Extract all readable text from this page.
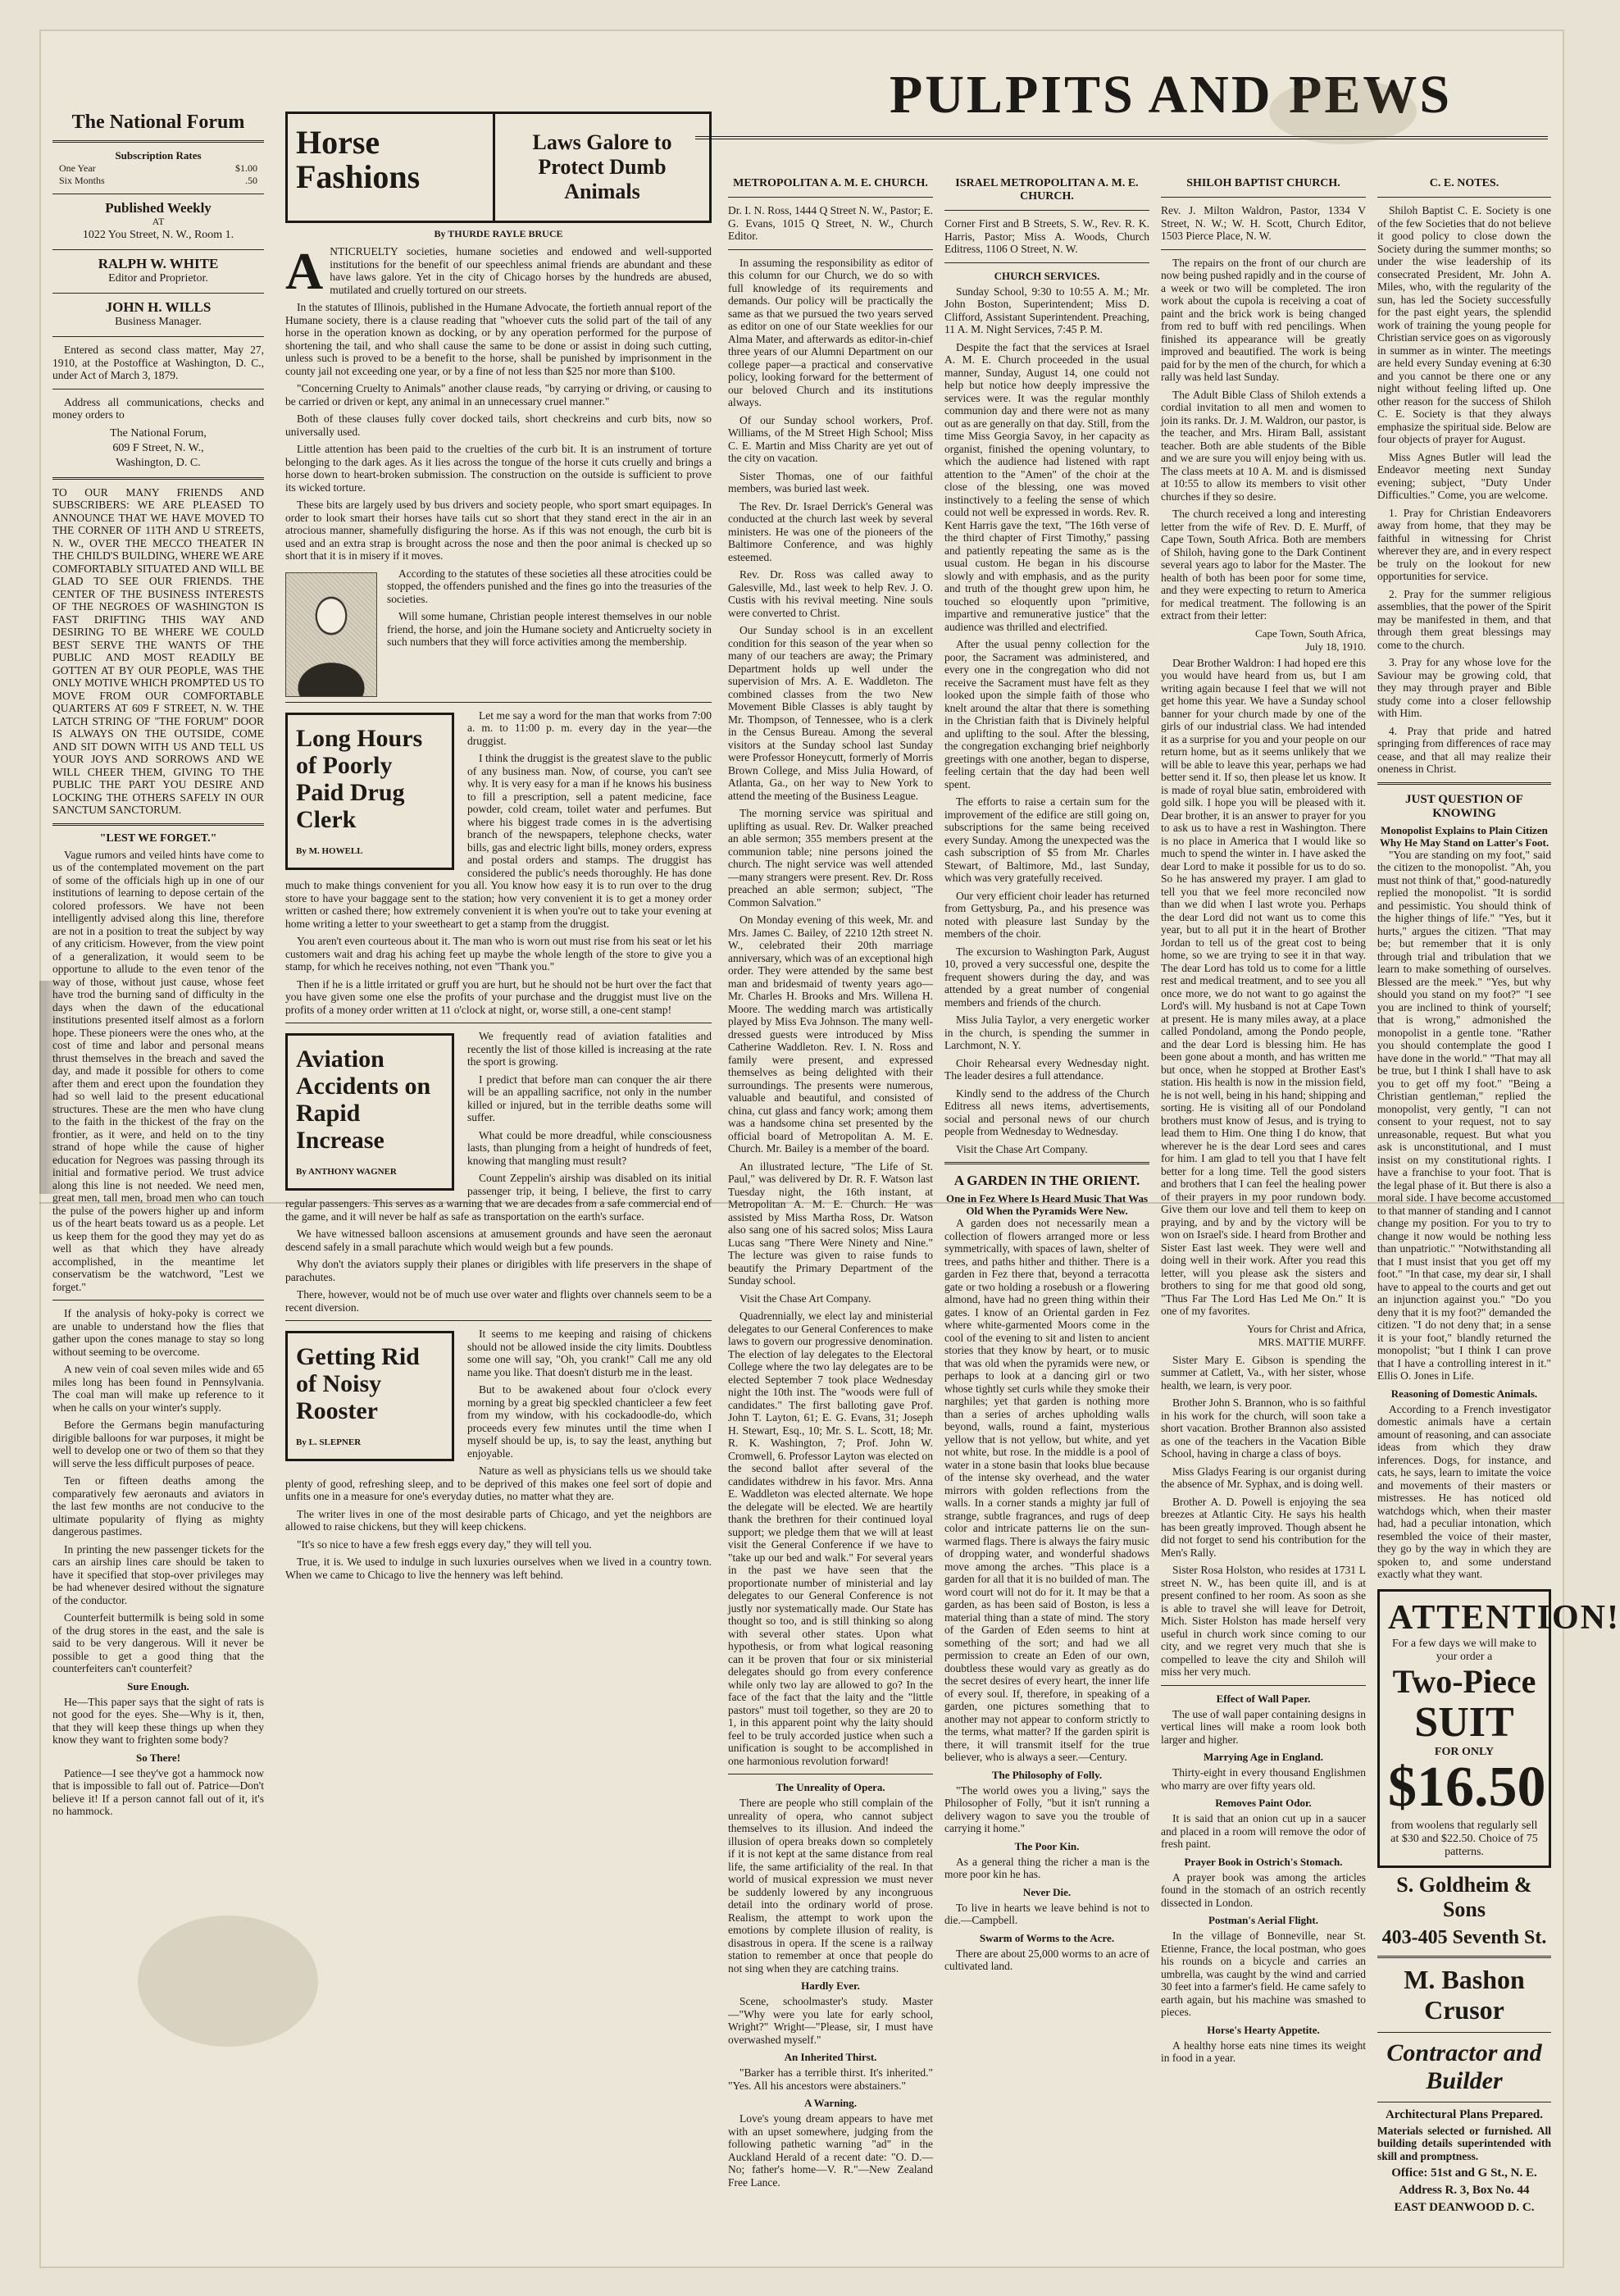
PULPITS AND PEWS
The National Forum
Subscription Rates
One Year	$1.00
Six Months	.50
Published Weekly
AT
1022 You Street, N. W., Room 1.
RALPH W. WHITE
Editor and Proprietor.
JOHN H. WILLS
Business Manager.

Entered as second class matter, May 27, 1910, at the Postoffice at Washington, D. C., under Act of March 3, 1879.

Address all communications, checks and money orders to

The National Forum,
609 F Street, N. W.,
Washington, D. C.
TO OUR MANY FRIENDS AND SUBSCRIBERS: WE ARE PLEASED TO ANNOUNCE THAT WE HAVE MOVED TO THE CORNER OF 11TH AND U STREETS, N. W., OVER THE MECCO THEATER IN THE CHILD'S BUILDING, WHERE WE ARE COMFORTABLY SITUATED AND WILL BE GLAD TO SEE OUR FRIENDS. THE CENTER OF THE BUSINESS INTERESTS OF THE NEGROES OF WASHINGTON IS FAST DRIFTING THIS WAY AND DESIRING TO BE WHERE WE COULD BEST SERVE THE WANTS OF THE PUBLIC AND MOST READILY BE GOTTEN AT BY OUR PEOPLE, WAS THE ONLY MOTIVE WHICH PROMPTED US TO MOVE FROM OUR COMFORTABLE QUARTERS AT 609 F STREET, N. W. THE LATCH STRING OF "THE FORUM" DOOR IS ALWAYS ON THE OUTSIDE, COME AND SIT DOWN WITH US AND TELL US YOUR JOYS AND SORROWS AND WE WILL CHEER THEM, GIVING TO THE PUBLIC THE PART YOU DESIRE AND LOCKING THE OTHERS SAFELY IN OUR SANCTUM SANCTORUM.
"LEST WE FORGET."

Vague rumors and veiled hints have come to us of the contemplated movement on the part of some of the officials high up in one of our institutions of learning to depose certain of the colored professors. We have not been intelligently advised along this line, therefore are not in a position to treat the subject by way of any criticism. However, from the view point of a generalization, it would seem to be opportune to allude to the even tenor of the way of those, without just cause, whose feet have trod the burning sand of difficulty in the days when the dawn of the educational institutions presented itself almost as a forlorn hope. These pioneers were the ones who, at the cost of time and labor and personal means thrust themselves in the breach and saved the day, and made it possible for others to come after them and erect upon the foundation they had so well laid to the present educational structures. These are the men who have clung to the faith in the thickest of the fray on the frontier, as it were, and held on to the tiny strand of hope while the cause of higher education for Negroes was passing through its initial and formative period. We trust advice along this line is not needed. We need men, great men, tall men, broad men who can touch the pulse of the powers higher up and inform us of the heart beats toward us as a people. Let us keep them for the good they may yet do as well as that which they have already accomplished, in the meantime let conservatism be the watchword, "Lest we forget."

If the analysis of hoky-poky is correct we are unable to understand how the flies that gather upon the cones manage to stay so long without seeming to be overcome.

A new vein of coal seven miles wide and 65 miles long has been found in Pennsylvania. The coal man will make up reference to it when he calls on your winter's supply.

Before the Germans begin manufacturing dirigible balloons for war purposes, it might be well to develop one or two of them so that they will serve the less difficult purposes of peace.

Ten or fifteen deaths among the comparatively few aeronauts and aviators in the last few months are not conducive to the ultimate popularity of flying as mighty dangerous pastimes.

In printing the new passenger tickets for the cars an airship lines care should be taken to have it specified that stop-over privileges may be had whenever desired without the signature of the conductor.

Counterfeit buttermilk is being sold in some of the drug stores in the east, and the sale is said to be very dangerous. Will it never be possible to get a good thing that the counterfeiters can't counterfeit?

Sure Enough.

He—This paper says that the sight of rats is not good for the eyes. She—Why is it, then, that they will keep these things up when they know they want to frighten some body?

So There!

Patience—I see they've got a hammock now that is impossible to fall out of. Patrice—Don't believe it! If a person cannot fall out of it, it's no hammock.

Horse Fashions
Laws Galore to Protect Dumb Animals
By THURDE RAYLE BRUCE

ANTICRUELTY societies, humane societies and endowed and well-supported institutions for the benefit of our speechless animal friends are abundant and these have laws galore. Yet in the city of Chicago horses by the hundreds are abused, mutilated and cruelly tortured on our streets.

In the statutes of Illinois, published in the Humane Advocate, the fortieth annual report of the Humane society, there is a clause reading that "whoever cuts the solid part of the tail of any horse in the operation known as docking, or by any operation performed for the purpose of shortening the tail, and who shall cause the same to be done or assist in doing such cutting, unless such is proved to be a benefit to the horse, shall be punished by imprisonment in the county jail not exceeding one year, or by a fine of not less than $25 nor more than $100.

"Concerning Cruelty to Animals" another clause reads, "by carrying or driving, or causing to be carried or driven or kept, any animal in an unnecessary cruel manner."

Both of these clauses fully cover docked tails, short checkreins and curb bits, now so universally used.

Little attention has been paid to the cruelties of the curb bit. It is an instrument of torture belonging to the dark ages. As it lies across the tongue of the horse it cuts cruelly and brings a horse down to heart-broken submission. The construction on the outside is sufficient to prove its wicked torture.

These bits are largely used by bus drivers and society people, who sport smart equipages. In order to look smart their horses have tails cut so short that they stand erect in the air in an atrocious manner, shamefully disfiguring the horse. As if this was not enough, the curb bit is used and an extra strap is brought across the nose and then the poor animal is checked up so short that it is in misery if it moves.

According to the statutes of these societies all these atrocities could be stopped, the offenders punished and the fines go into the treasuries of the societies.

Will some humane, Christian people interest themselves in our noble friend, the horse, and join the Humane society and Anticruelty society in such numbers that they will force activities among the membership.

Long Hours of Poorly Paid Drug Clerk
By M. HOWELL

Let me say a word for the man that works from 7:00 a. m. to 11:00 p. m. every day in the year—the druggist.

I think the druggist is the greatest slave to the public of any business man. Now, of course, you can't see why. It is very easy for a man if he knows his business to fill a prescription, sell a patent medicine, face powder, cold cream, toilet water and perfumes. But where his biggest trade comes in is the advertising branch of the newspapers, telephone checks, water bills, gas and electric light bills, money orders, express and postal orders and stamps. The druggist has considered the public's needs thoroughly. He has done much to make things convenient for you all. You know how easy it is to run over to the drug store to have your baggage sent to the station; how very convenient it is to get a money order written or cashed there; how extremely convenient it is when you're out to take your evening at home writing a letter to your sweetheart to get a stamp from the druggist.

You aren't even courteous about it. The man who is worn out must rise from his seat or let his customers wait and drag his aching feet up maybe the whole length of the store to give you a stamp, for which he receives nothing, not even "Thank you."

Then if he is a little irritated or gruff you are hurt, but he should not be hurt over the fact that you have given some one else the profits of your purchase and the druggist must live on the profits of a money order written at 11 o'clock at night, or, worse still, a one-cent stamp!

Aviation Accidents on Rapid Increase
By ANTHONY WAGNER

We frequently read of aviation fatalities and recently the list of those killed is increasing at the rate the sport is growing.

I predict that before man can conquer the air there will be an appalling sacrifice, not only in the number killed or injured, but in the terrible deaths some will suffer.

What could be more dreadful, while consciousness lasts, than plunging from a height of hundreds of feet, knowing that mangling must result?

Count Zeppelin's airship was disabled on its initial passenger trip, it being, I believe, the first to carry regular passengers. This serves as a warning that we are decades from a safe commercial end of the game, and it will never be half as safe as transportation on the earth's surface.

We have witnessed balloon ascensions at amusement grounds and have seen the aeronaut descend safely in a small parachute which would weigh but a few pounds.

Why don't the aviators supply their planes or dirigibles with life preservers in the shape of parachutes.

There, however, would not be of much use over water and flights over channels seem to be a recent diversion.

Getting Rid of Noisy Rooster
By L. SLEPNER

It seems to me keeping and raising of chickens should not be allowed inside the city limits. Doubtless some one will say, "Oh, you crank!" Call me any old name you like. That doesn't disturb me in the least.

But to be awakened about four o'clock every morning by a great big speckled chanticleer a few feet from my window, with his cockadoodle-do, which proceeds every few minutes until the time when I myself should be up, is, to say the least, anything but enjoyable.

Nature as well as physicians tells us we should take plenty of good, refreshing sleep, and to be deprived of this makes one feel sort of dopie and unfits one in a measure for one's everyday duties, no matter what they are.

The writer lives in one of the most desirable parts of Chicago, and yet the neighbors are allowed to raise chickens, but they will keep chickens.

"It's so nice to have a few fresh eggs every day," they will tell you.

True, it is. We used to indulge in such luxuries ourselves when we lived in a country town. When we came to Chicago to live the hennery was left behind.

METROPOLITAN A. M. E. CHURCH.

Dr. I. N. Ross, 1444 Q Street N. W., Pastor; E. G. Evans, 1015 Q Street, N. W., Church Editor.

In assuming the responsibility as editor of this column for our Church, we do so with full knowledge of its requirements and demands. Our policy will be practically the same as that we pursued the two years served as editor on one of our State weeklies for our Alma Mater, and afterwards as editor-in-chief three years of our Alumni Department on our college paper—a practical and conservative policy, looking forward for the betterment of our beloved Church and its institutions always.

Of our Sunday school workers, Prof. Williams, of the M Street High School; Miss C. E. Martin and Miss Charity are yet out of the city on vacation.

Sister Thomas, one of our faithful members, was buried last week.

The Rev. Dr. Israel Derrick's General was conducted at the church last week by several ministers. He was one of the pioneers of the Baltimore Conference, and was highly esteemed.

Rev. Dr. Ross was called away to Galesville, Md., last week to help Rev. J. O. Custis with his revival meeting. Nine souls were converted to Christ.

Our Sunday school is in an excellent condition for this season of the year when so many of our teachers are away; the Primary Department holds up well under the supervision of Mrs. A. E. Waddleton. The combined classes from the two New Movement Bible Classes is ably taught by Mr. Thompson, of Tennessee, who is a clerk in the Census Bureau. Among the several visitors at the Sunday school last Sunday were Professor Honeycutt, formerly of Morris Brown College, and Miss Julia Howard, of Atlanta, Ga., on her way to New York to attend the meeting of the Business League.

The morning service was spiritual and uplifting as usual. Rev. Dr. Walker preached an able sermon; 355 members present at the communion table; nine persons joined the church. The night service was well attended—many strangers were present. Rev. Dr. Ross preached an able sermon; subject, "The Common Salvation."

On Monday evening of this week, Mr. and Mrs. James C. Bailey, of 2210 12th street N. W., celebrated their 20th marriage anniversary, which was of an exceptional high order. They were attended by the same best man and bridesmaid of twenty years ago—Mr. Charles H. Brooks and Mrs. Willena H. Moore. The wedding march was artistically played by Miss Eva Johnson. The many well-dressed guests were introduced by Miss Catherine Waddleton. Rev. I. N. Ross and family were present, and expressed themselves as being delighted with their surroundings. The presents were numerous, valuable and beautiful, and consisted of china, cut glass and fancy work; among them was a handsome china set presented by the official board of Metropolitan A. M. E. Church. Mr. Bailey is a member of the board.

An illustrated lecture, "The Life of St. Paul," was delivered by Dr. R. F. Watson last Tuesday night, the 16th instant, at Metropolitan A. M. E. Church. He was assisted by Miss Martha Ross, Dr. Watson also sang one of his sacred solos; Miss Laura Lucas sang "There Were Ninety and Nine." The lecture was given to raise funds to beautify the Primary Department of the Sunday school.

Visit the Chase Art Company.

Quadrennially, we elect lay and ministerial delegates to our General Conferences to make laws to govern our progressive denomination. The election of lay delegates to the Electoral College where the two lay delegates are to be elected September 7 took place Wednesday night the 10th inst. The "woods were full of candidates." The first balloting gave Prof. John T. Layton, 61; E. G. Evans, 31; Joseph H. Stewart, Esq., 10; Mr. S. L. Scott, 18; Mr. R. K. Washington, 7; Prof. John W. Cromwell, 6. Professor Layton was elected on the second ballot after several of the candidates withdrew in his favor. Mrs. Anna E. Waddleton was elected alternate. We hope the delegate will be elected. We are heartily thank the brethren for their continued loyal support; we pledge them that we will at least visit the General Conference if we have to "take up our bed and walk." For several years in the past we have seen that the proportionate number of ministerial and lay delegates to our General Conference is not justly nor systematically made. Our State has thought so too, and is still thinking so along with several other states. Upon what hypothesis, or from what logical reasoning can it be proven that four or six ministerial delegates should go from every conference while only two lay are allowed to go? In the face of the fact that the laity and the "little pastors" must toil together, so they are 20 to 1, in this apparent point why the laity should feel to be truly accorded justice when such a unification is sought to be accomplished in one harmonious revolution forward!

The Unreality of Opera.

There are people who still complain of the unreality of opera, who cannot subject themselves to its illusion. And indeed the illusion of opera breaks down so completely if it is not kept at the same distance from real life, the same artificiality of the real. In that world of musical expression we must never be suddenly lowered by any incongruous detail into the ordinary world of prose. Realism, the attempt to work upon the emotions by complete illusion of reality, is disastrous in opera. If the scene is a railway station to remember at once that people do not sing when they are catching trains.

Hardly Ever.

Scene, schoolmaster's study. Master—"Why were you late for early school, Wright?" Wright—"Please, sir, I must have overwashed myself."

An Inherited Thirst.

"Barker has a terrible thirst. It's inherited." "Yes. All his ancestors were abstainers."

A Warning.

Love's young dream appears to have met with an upset somewhere, judging from the following pathetic warning "ad" in the Auckland Herald of a recent date: "O. D.—No; father's home—V. R."—New Zealand Free Lance.

ISRAEL METROPOLITAN A. M. E. CHURCH.

Corner First and B Streets, S. W., Rev. R. K. Harris, Pastor; Miss A. Woods, Church Editress, 1106 O Street, N. W.

CHURCH SERVICES.

Sunday School, 9:30 to 10:55 A. M.; Mr. John Boston, Superintendent; Miss D. Clifford, Assistant Superintendent. Preaching, 11 A. M. Night Services, 7:45 P. M.

Despite the fact that the services at Israel A. M. E. Church proceeded in the usual manner, Sunday, August 14, one could not help but notice how deeply impressive the services were. It was the regular monthly communion day and there were not as many out as are generally on that day. Still, from the time Miss Georgia Savoy, in her capacity as organist, finished the opening voluntary, to which the audience had listened with rapt attention to the "Amen" of the choir at the close of the blessing, one was moved instinctively to a feeling the sense of which could not well be expressed in words. Rev. R. Kent Harris gave the text, "The 16th verse of the third chapter of First Timothy," passing and patiently repeating the same as is the usual custom. He began in his discourse slowly and with emphasis, and as the purity and truth of the thought grew upon him, he touched so eloquently upon "primitive, impartive and remunerative justice" that the audience was thrilled and electrified.

After the usual penny collection for the poor, the Sacrament was administered, and every one in the congregation who did not receive the Sacrament must have felt as they looked upon the simple faith of those who knelt around the altar that there is something in the Christian faith that is Divinely helpful and uplifting to the soul. After the blessing, the congregation exchanging brief neighborly greetings with one another, began to disperse, feeling certain that the day had been well spent.

The efforts to raise a certain sum for the improvement of the edifice are still going on, subscriptions for the same being received every Sunday. Among the unexpected was the cash subscription of $5 from Mr. Charles Stewart, of Baltimore, Md., last Sunday, which was very gratefully received.

Our very efficient choir leader has returned from Gettysburg, Pa., and his presence was noted with pleasure last Sunday by the members of the choir.

The excursion to Washington Park, August 10, proved a very successful one, despite the frequent showers during the day, and was attended by a great number of congenial members and friends of the church.

Miss Julia Taylor, a very energetic worker in the church, is spending the summer in Larchmont, N. Y.

Choir Rehearsal every Wednesday night. The leader desires a full attendance.

Kindly send to the address of the Church Editress all news items, advertisements, social and personal news of our church people from Wednesday to Wednesday.

Visit the Chase Art Company.

A GARDEN IN THE ORIENT.
One in Fez Where Is Heard Music That Was Old When the Pyramids Were New.

A garden does not necessarily mean a collection of flowers arranged more or less symmetrically, with spaces of lawn, shelter of trees, and paths hither and thither. There is a garden in Fez there that, beyond a terracotta gate or two holding a rosebush or a flowering almond, have had no green thing within their gates. I know of an Oriental garden in Fez where white-garmented Moors come in the cool of the evening to sit and listen to ancient stories that they know by heart, or to music that was old when the pyramids were new, or perhaps to look at a dancing girl or two whose tightly set curls while they smoke their narghiles; yet that garden is nothing more than a series of arches upholding walls beyond, walls, round a faint, mysterious yellow that is not yellow, but white, and yet not white, but rose. In the middle is a pool of water in a stone basin that looks blue because of the intense sky overhead, and the water mirrors with golden reflections from the walls. In a corner stands a mighty jar full of strange, subtle fragrances, and rugs of deep color and intricate patterns lie on the sun-warmed flags. There is always the fairy music of dropping water, and wonderful shadows move among the arches. "This place is a garden for all that it is no builded of man. The word court will not do for it. It may be that a garden, as has been said of Boston, is less a material thing than a state of mind. The story of the Garden of Eden seems to hint at something of the sort; and had we all permission to create an Eden of our own, doubtless these would vary as greatly as do the secret desires of every heart, the inner life of every soul. If, therefore, in speaking of a garden, one pictures something that to another may not appear to conform strictly to the terms, what matter? If the garden spirit is there, it will transmit itself for the true believer, who is always a seer.—Century.

The Philosophy of Folly.

"The world owes you a living," says the Philosopher of Folly, "but it isn't running a delivery wagon to save you the trouble of carrying it home."

The Poor Kin.

As a general thing the richer a man is the more poor kin he has.

Never Die.

To live in hearts we leave behind is not to die.—Campbell.

Swarm of Worms to the Acre.

There are about 25,000 worms to an acre of cultivated land.

SHILOH BAPTIST CHURCH.

Rev. J. Milton Waldron, Pastor, 1334 V Street, N. W.; W. H. Scott, Church Editor, 1503 Pierce Place, N. W.

The repairs on the front of our church are now being pushed rapidly and in the course of a week or two will be completed. The iron work about the cupola is receiving a coat of paint and the brick work is being changed from red to buff with red pencilings. When finished its appearance will be greatly improved and beautified. The work is being paid for by the men of the church, for which a rally was held last Sunday.

The Adult Bible Class of Shiloh extends a cordial invitation to all men and women to join its ranks. Dr. J. M. Waldron, our pastor, is the teacher, and Mrs. Hiram Ball, assistant teacher. Both are able students of the Bible and we are sure you will enjoy being with us. The class meets at 10 A. M. and is dismissed at 10:55 to allow its members to visit other churches if they so desire.

The church received a long and interesting letter from the wife of Rev. D. E. Murff, of Cape Town, South Africa. Both are members of Shiloh, having gone to the Dark Continent several years ago to labor for the Master. The health of both has been poor for some time, and they were expecting to return to America for medical treatment. The following is an extract from their letter:

Cape Town, South Africa,
July 18, 1910.

Dear Brother Waldron: I had hoped ere this you would have heard from us, but I am writing again because I feel that we will not get home this year. We have a Sunday school banner for your church made by one of the girls of our industrial class. We had intended it as a surprise for you and your people on our return home, but as it seems unlikely that we will be able to leave this year, perhaps we had better send it. If so, then please let us know. It is made of royal blue satin, embroidered with gold silk. I hope you will be pleased with it. Dear brother, it is an answer to prayer for you to ask us to have a rest in Washington. There is no place in America that I would like so much to spend the winter in. I have asked the dear Lord to make it possible for us to do so. So he has answered my prayer. I am glad to tell you that we feel more reconciled now than we did when I last wrote you. Perhaps the dear Lord did not want us to come this year, but to all put it in the heart of Brother Jordan to tell us of the great cost to being home, so we are trying to see it in that way. The dear Lord has told us to come for a little rest and medical treatment, and to see you all once more, we do not want to go against the Lord's will. My husband is not at Cape Town at present. He is many miles away, at a place called Pondoland, among the Pondo people, and the dear Lord is blessing him. He has been gone about a month, and has written me but once, when he stopped at Brother East's station. His health is now in the mission field, he is not well, being in his hand; shipping and sorting. He is visiting all of our Pondoland brothers must know of Jesus, and is trying to lead them to Him. One thing I do know, that wherever he is the dear Lord sees and cares for him. I am glad to tell you that I have felt better for a long time. Tell the good sisters and brothers that I can feel the healing power of their prayers in my poor rundown body. Give them our love and tell them to keep on praying, and by and by the victory will be won on Israel's side. I heard from Brother and Sister East last week. They were well and doing well in their work. After you read this letter, will you please ask the sisters and brothers to sing for me that good old song, "Thus Far The Lord Has Led Me On." It is one of my favorites.

Yours for Christ and Africa,
MRS. MATTIE MURFF.

Sister Mary E. Gibson is spending the summer at Catlett, Va., with her sister, whose health, we learn, is very poor.

Brother John S. Brannon, who is so faithful in his work for the church, will soon take a short vacation. Brother Brannon also assisted as one of the teachers in the Vacation Bible School, having in charge a class of boys.

Miss Gladys Fearing is our organist during the absence of Mr. Syphax, and is doing well.

Brother A. D. Powell is enjoying the sea breezes at Atlantic City. He says his health has been greatly improved. Though absent he did not forget to send his contribution for the Men's Rally.

Sister Rosa Holston, who resides at 1731 L street N. W., has been quite ill, and is at present confined to her room. As soon as she is able to travel she will leave for Detroit, Mich. Sister Holston has made herself very useful in church work since coming to our city, and we regret very much that she is compelled to leave the city and Shiloh will miss her very much.

Effect of Wall Paper.

The use of wall paper containing designs in vertical lines will make a room look both larger and higher.

Marrying Age in England.

Thirty-eight in every thousand Englishmen who marry are over fifty years old.

Removes Paint Odor.

It is said that an onion cut up in a saucer and placed in a room will remove the odor of fresh paint.

Prayer Book in Ostrich's Stomach.

A prayer book was among the articles found in the stomach of an ostrich recently dissected in London.

Postman's Aerial Flight.

In the village of Bonneville, near St. Etienne, France, the local postman, who goes his rounds on a bicycle and carries an umbrella, was caught by the wind and carried 30 feet into a farmer's field. He came safely to earth again, but his machine was smashed to pieces.

Horse's Hearty Appetite.

A healthy horse eats nine times its weight in food in a year.

C. E. NOTES.

Shiloh Baptist C. E. Society is one of the few Societies that do not believe it good policy to close down the Society during the summer months; so under the wise leadership of its consecrated President, Mr. John A. Miles, who, with the regularity of the sun, has led the Society successfully for the past eight years, the splendid work of training the young people for Christian service goes on as vigorously in summer as in winter. The meetings are held every Sunday evening at 6:30 and you cannot be there one or any night without feeling lifted up. One other reason for the success of Shiloh C. E. Society is that they always emphasize the spiritual side. Below are four objects of prayer for August.

Miss Agnes Butler will lead the Endeavor meeting next Sunday evening; subject, "Duty Under Difficulties." Come, you are welcome.

1. Pray for Christian Endeavorers away from home, that they may be faithful in witnessing for Christ wherever they are, and in every respect be truly on the lookout for new opportunities for service.

2. Pray for the summer religious assemblies, that the power of the Spirit may be manifested in them, and that through them great blessings may come to the church.

3. Pray for any whose love for the Saviour may be growing cold, that they may through prayer and Bible study come into a closer fellowship with Him.

4. Pray that pride and hatred springing from differences of race may cease, and that all may realize their oneness in Christ.

JUST QUESTION OF KNOWING
Monopolist Explains to Plain Citizen Why He May Stand on Latter's Foot.

"You are standing on my foot," said the citizen to the monopolist. "Ah, you must not think of that," good-naturedly replied the monopolist. "It is sordid and pessimistic. You should think of the higher things of life." "Yes, but it hurts," argues the citizen. "That may be; but remember that it is only through trial and tribulation that we learn to make something of ourselves. Blessed are the meek." "Yes, but why should you stand on my foot?" "I see you are inclined to think of yourself; that is wrong," admonished the monopolist in a gentle tone. "Rather you should contemplate the good I have done in the world." "That may all be true, but I think I shall have to ask you to get off my foot." "Being a Christian gentleman," replied the monopolist, very gently, "I can not consent to your request, not to say unreasonable, request. But what you ask is unconstitutional, and I must insist on my constitutional rights. I have a franchise to your foot. That is the legal phase of it. But there is also a moral side. I have become accustomed to that manner of standing and I cannot change my position. For you to try to change it now would be nothing less than unpatriotic." "Notwithstanding all that I must insist that you get off my foot." "In that case, my dear sir, I shall have to appeal to the courts and get out an injunction against you." "Do you deny that it is my foot?" demanded the citizen. "I do not deny that; in a sense it is your foot," blandly returned the monopolist; "but I think I can prove that I have a controlling interest in it." Ellis O. Jones in Life.

Reasoning of Domestic Animals.

According to a French investigator domestic animals have a certain amount of reasoning, and can associate ideas from which they draw inferences. Dogs, for instance, and cats, he says, learn to imitate the voice and movements of their masters or mistresses. He has noticed old watchdogs which, when their master had, had a peculiar intonation, which resembled the voice of their master, they go by the way in which they are spoken to, and some understand exactly what they want.

ATTENTION!
For a few days we will make to your order a
Two-Piece
SUIT
FOR ONLY
$16.50
from woolens that regularly sell at $30 and $22.50. Choice of 75 patterns.
S. Goldheim & Sons
403-405 Seventh St.
M. Bashon Crusor
Contractor and Builder
Architectural Plans Prepared.

Materials selected or furnished. All building details superintended with skill and promptness.

Office: 51st and G St., N. E.
Address R. 3, Box No. 44
EAST DEANWOOD D. C.
